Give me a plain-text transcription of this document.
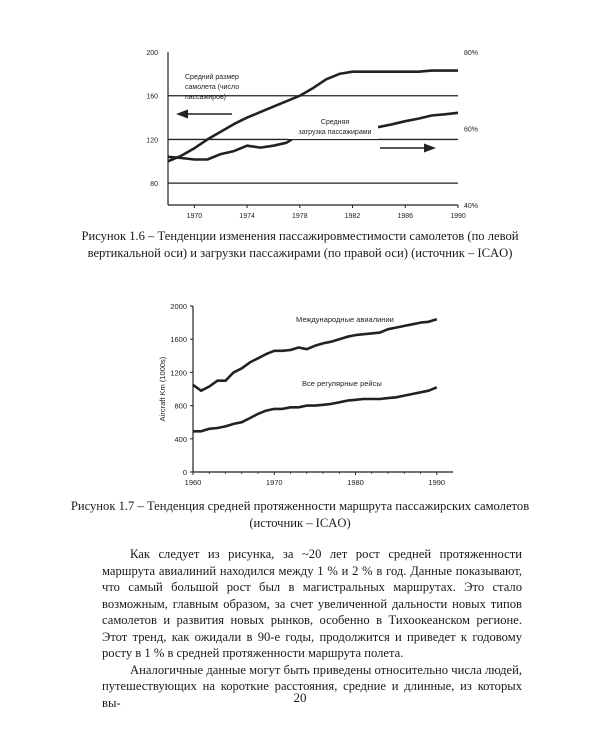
80
120
160
200
40%
60%
80%
1970	1974	1978	1982	1986	1990
Средний размер
самолета (число
пассажиров)
Средняя
загрузка пассажирами

Рисунок 1.6 – Тенденции изменения пассажировместимости самолетов (по левой вертикальной оси) и загрузки пассажирами (по правой оси) (источник – ICAO)

0
400
800
1200
1600
2000
1960	1970	1980	1990
Aircraft Km (1000s)
Международные авиалинии
Все регулярные рейсы

Рисунок 1.7 – Тенденция средней протяженности маршрута пассажирских самолетов (источник – ICAO)

Как следует из рисунка, за ~20 лет рост средней протяженности маршрута авиалиний находился между 1 % и 2 % в год. Данные показывают, что самый большой рост был в магистральных маршрутах. Это стало возможным, главным образом, за счет увеличенной дальности новых типов самолетов и развития новых рынков, особенно в Тихоокеанском регионе. Этот тренд, как ожидали в 90-е годы, продолжится и приведет к годовому росту в 1 % в средней протяженности маршрута полета.

Аналогичные данные могут быть приведены относительно числа людей, путешествующих на короткие расстояния, средние и длинные, из которых вы-	20
